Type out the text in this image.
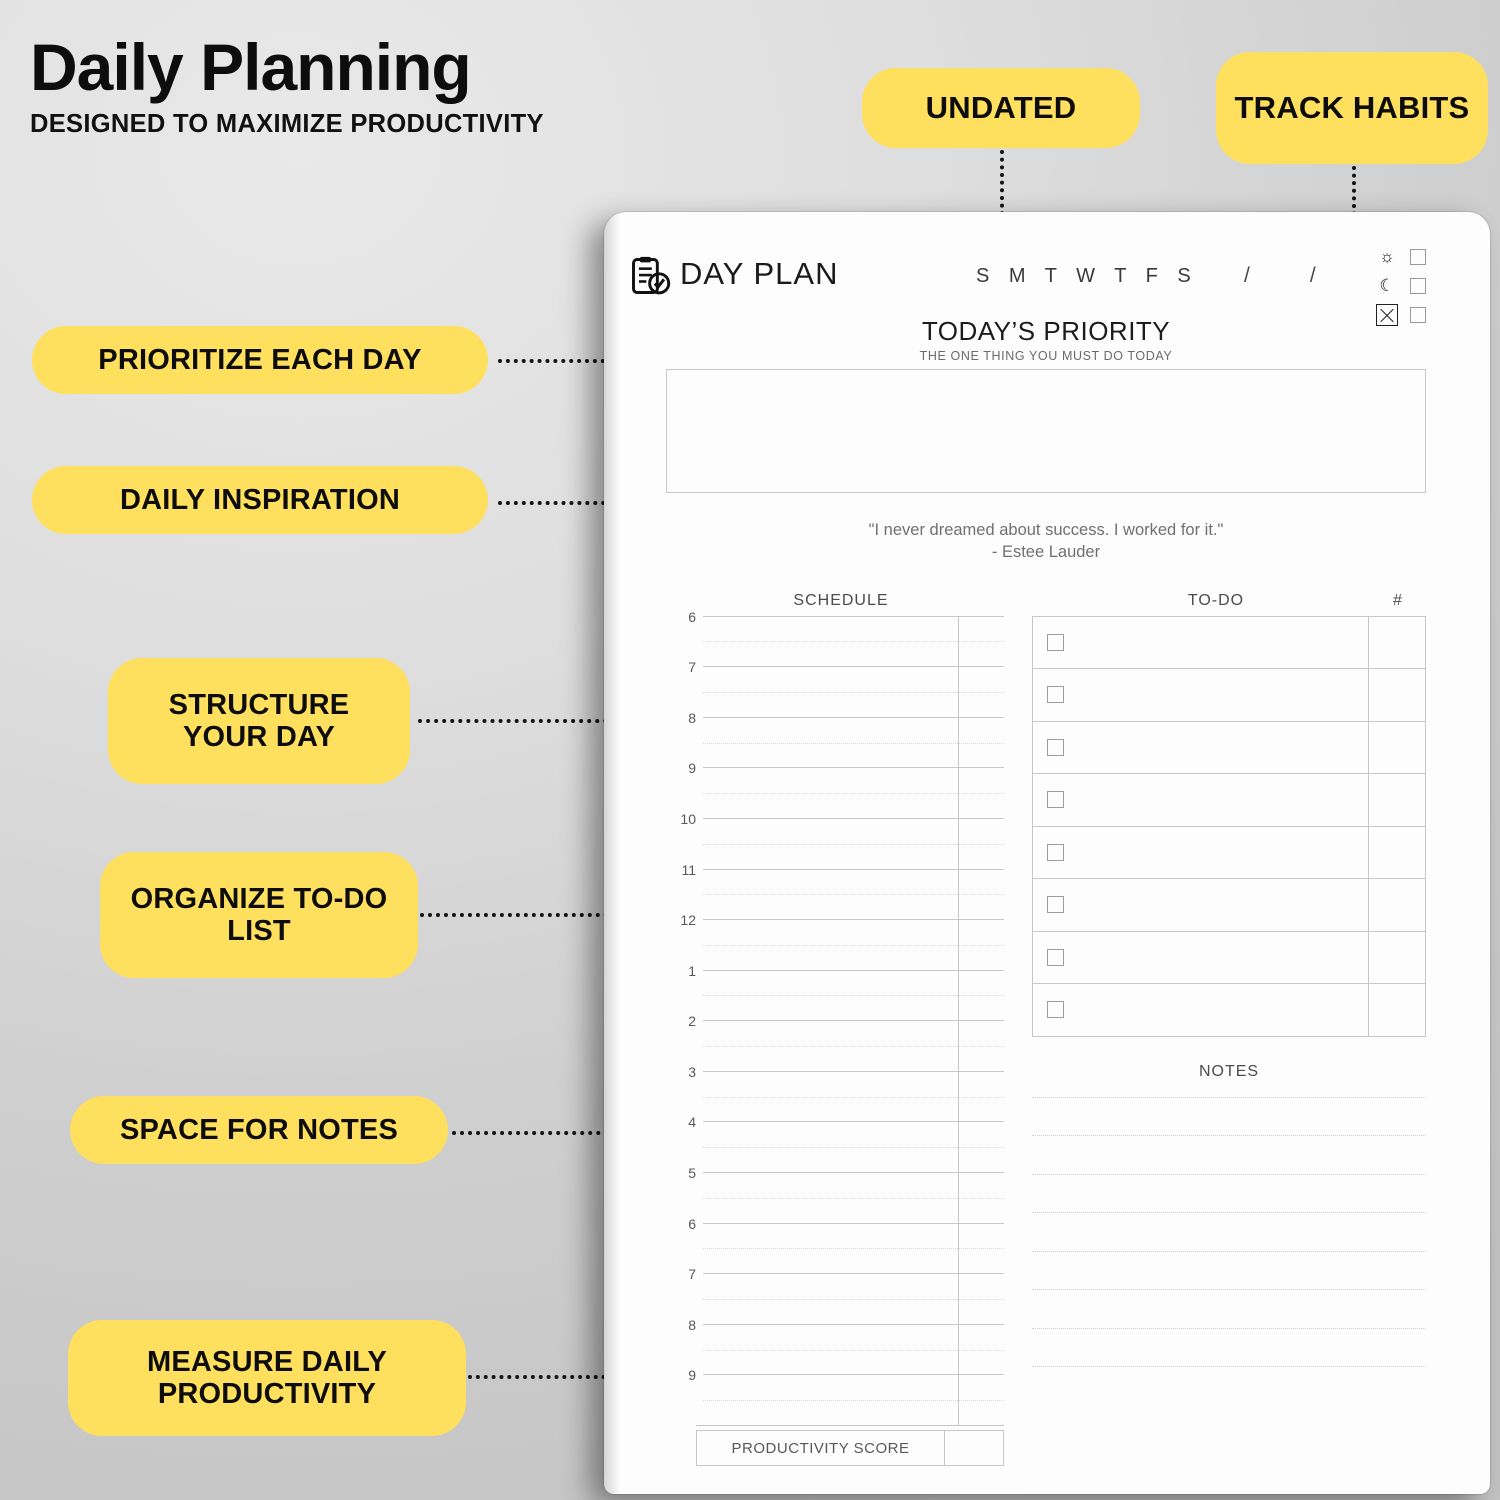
Daily Planning
DESIGNED TO MAXIMIZE PRODUCTIVITY	UNDATED	TRACK HABITS
PRIORITIZE EACH DAY
DAILY INSPIRATION
STRUCTURE YOUR DAY
ORGANIZE TO-DO LIST
SPACE FOR NOTES
MEASURE DAILY PRODUCTIVITY
DAY PLAN	S M T W T F S	/	/
☼
☾
TODAY’S PRIORITY
THE ONE THING YOU MUST DO TODAY
"I never dreamed about success. I worked for it."
- Estee Lauder
SCHEDULE	TO-DO	#
6
7
8
9
10
11
12
1
2
3
4
5
6
7
8
9
NOTES
PRODUCTIVITY SCORE
